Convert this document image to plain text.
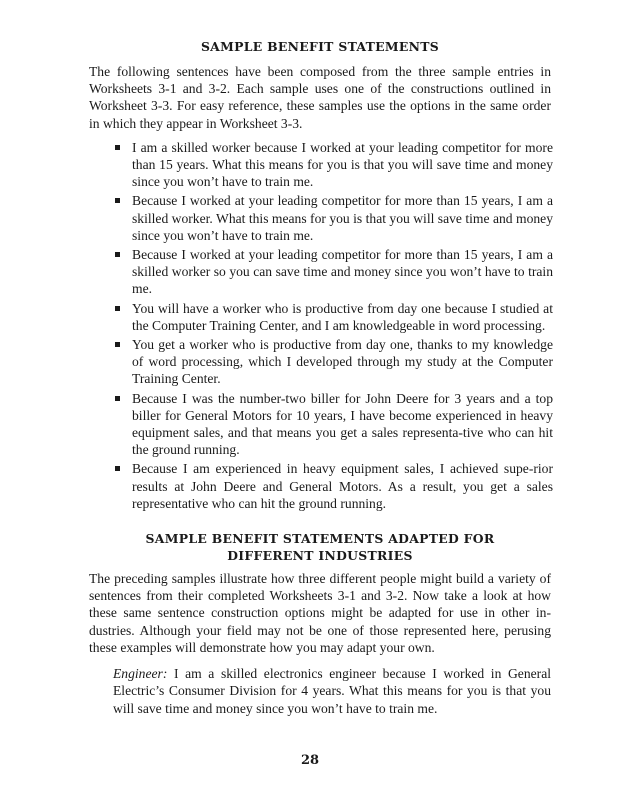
SAMPLE BENEFIT STATEMENTS

The following sentences have been composed from the three sample entries in Worksheets 3-1 and 3-2. Each sample uses one of the constructions outlined in Worksheet 3-3. For easy reference, these samples use the options in the same order in which they appear in Worksheet 3-3.

I am a skilled worker because I worked at your leading competitor for more than 15 years. What this means for you is that you will save time and money since you won’t have to train me.
Because I worked at your leading competitor for more than 15 years, I am a skilled worker. What this means for you is that you will save time and money since you won’t have to train me.
Because I worked at your leading competitor for more than 15 years, I am a skilled worker so you can save time and money since you won’t have to train me.
You will have a worker who is productive from day one because I studied at the Computer Training Center, and I am knowledgeable in word processing.
You get a worker who is productive from day one, thanks to my knowledge of word processing, which I developed through my study at the Computer Training Center.
Because I was the number-two biller for John Deere for 3 years and a top biller for General Motors for 10 years, I have become experienced in heavy equipment sales, and that means you get a sales representa-tive who can hit the ground running.
Because I am experienced in heavy equipment sales, I achieved supe-rior results at John Deere and General Motors. As a result, you get a sales representative who can hit the ground running.
SAMPLE BENEFIT STATEMENTS ADAPTED FOR
DIFFERENT INDUSTRIES

The preceding samples illustrate how three different people might build a variety of sentences from their completed Worksheets 3-1 and 3-2. Now take a look at how these same sentence construction options might be adapted for use in other in-dustries. Although your field may not be one of those represented here, perusing these examples will demonstrate how you may adapt your own.

Engineer: I am a skilled electronics engineer because I worked in General Electric’s Consumer Division for 4 years. What this means for you is that you will save time and money since you won’t have to train me.

28
